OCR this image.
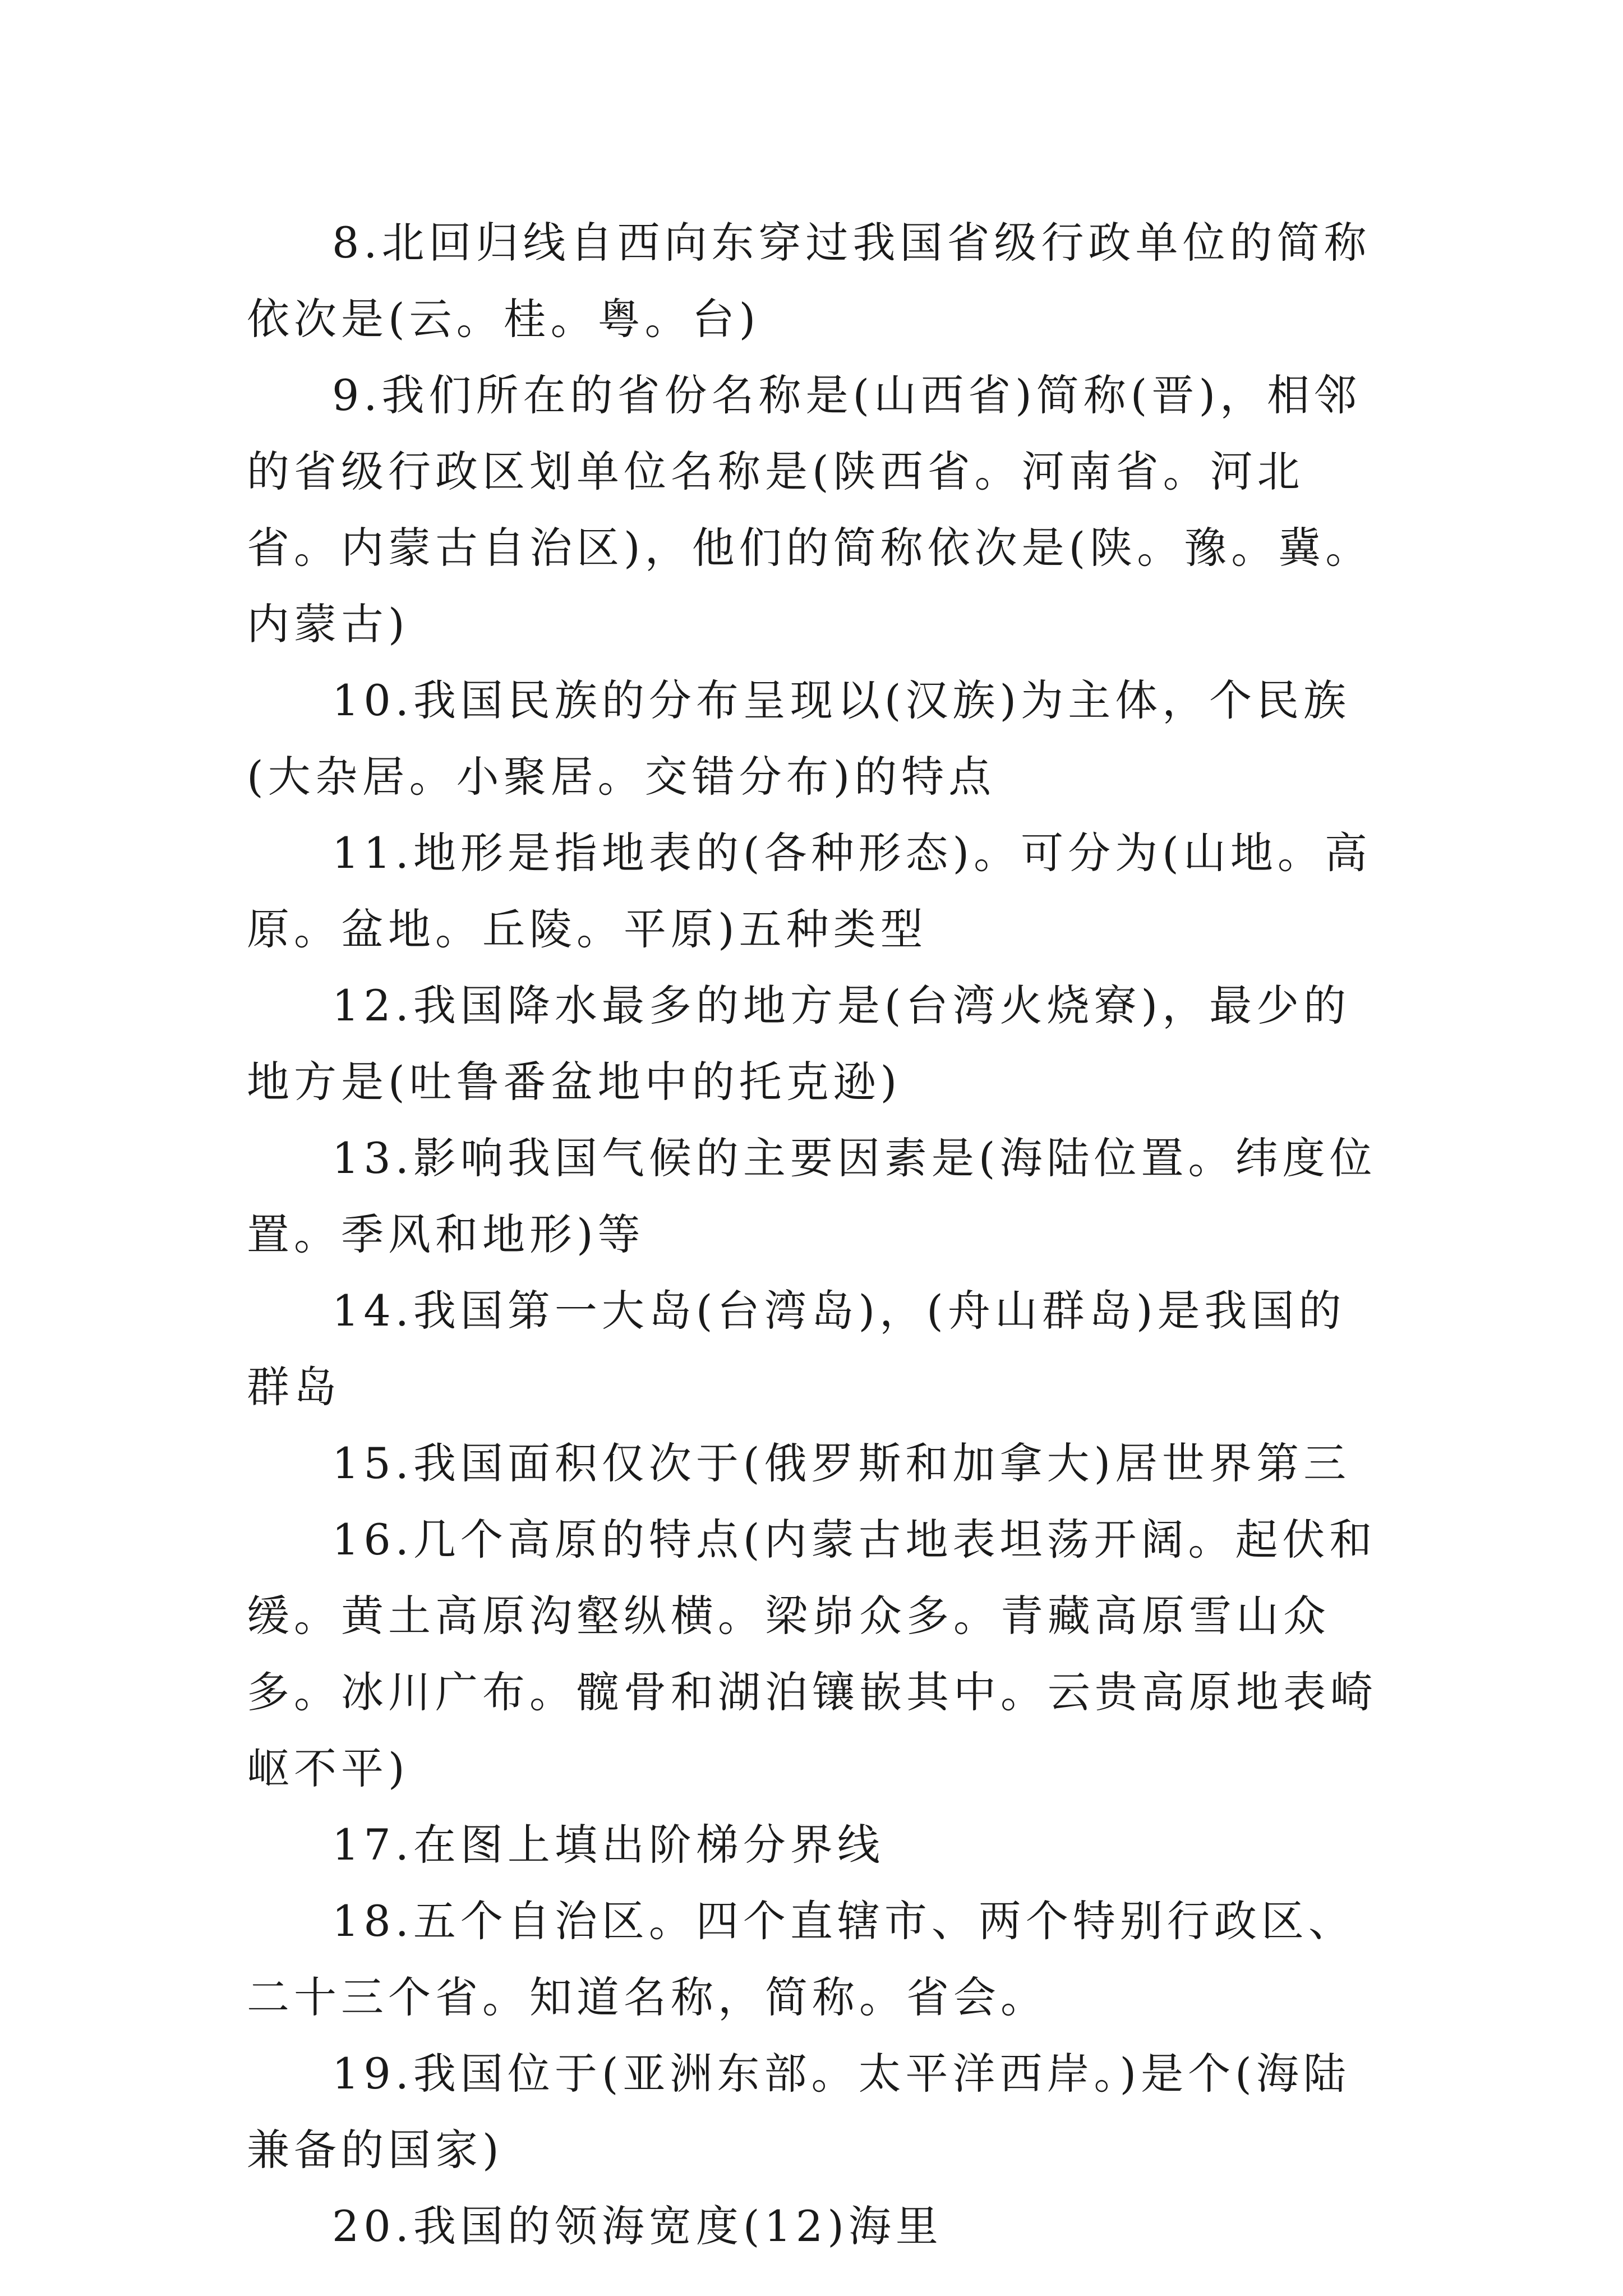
8.北回归线自西向东穿过我国省级行政单位的简称依次是(云。桂。粤。台)

9.我们所在的省份名称是(山西省)简称(晋)，相邻的省级行政区划单位名称是(陕西省。河南省。河北省。内蒙古自治区)，他们的简称依次是(陕。豫。冀。内蒙古)

10.我国民族的分布呈现以(汉族)为主体，个民族(大杂居。小聚居。交错分布)的特点

11.地形是指地表的(各种形态)。可分为(山地。高原。盆地。丘陵。平原)五种类型

12.我国降水最多的地方是(台湾火烧寮)，最少的地方是(吐鲁番盆地中的托克逊)

13.影响我国气候的主要因素是(海陆位置。纬度位置。季风和地形)等

14.我国第一大岛(台湾岛)，(舟山群岛)是我国的群岛

15.我国面积仅次于(俄罗斯和加拿大)居世界第三

16.几个高原的特点(内蒙古地表坦荡开阔。起伏和缓。黄土高原沟壑纵横。梁峁众多。青藏高原雪山众多。冰川广布。髋骨和湖泊镶嵌其中。云贵高原地表崎岖不平)

17.在图上填出阶梯分界线

18.五个自治区。四个直辖市、两个特别行政区、二十三个省。知道名称，简称。省会。

19.我国位于(亚洲东部。太平洋西岸。)是个(海陆兼备的国家)

20.我国的领海宽度(12)海里
